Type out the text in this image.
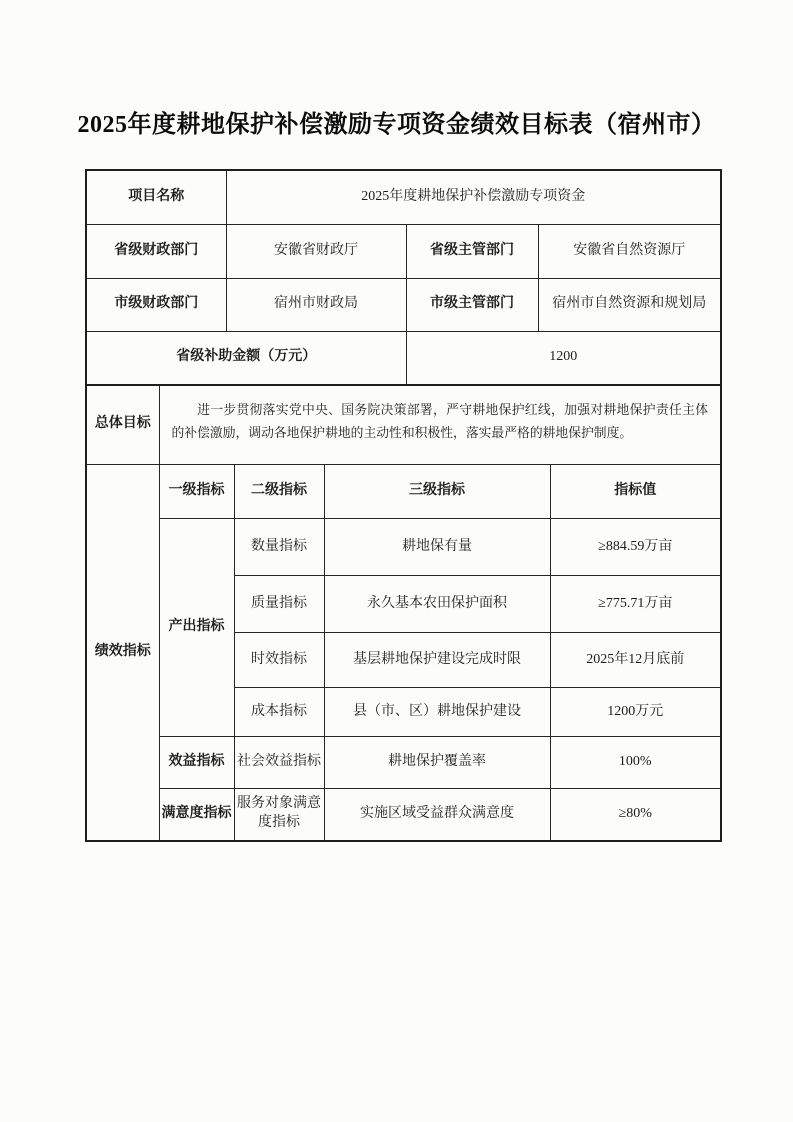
2025年度耕地保护补偿激励专项资金绩效目标表（宿州市）
项目名称	2025年度耕地保护补偿激励专项资金		
省级财政部门	安徽省财政厅	省级主管部门	安徽省自然资源厅
市级财政部门	宿州市财政局	市级主管部门	宿州市自然资源和规划局
省级补助金额（万元）		1200	
总体目标	进一步贯彻落实党中央、国务院决策部署，严守耕地保护红线，加强对耕地保护责任主体的补偿激励，调动各地保护耕地的主动性和积极性，落实最严格的耕地保护制度。			
绩效指标	一级指标	二级指标	三级指标	指标值
	产出指标	数量指标	耕地保有量	≥884.59万亩
		质量指标	永久基本农田保护面积	≥775.71万亩
		时效指标	基层耕地保护建设完成时限	2025年12月底前
		成本指标	县（市、区）耕地保护建设	1200万元
	效益指标	社会效益指标	耕地保护覆盖率	100%
	满意度指标	服务对象满意度指标	实施区域受益群众满意度	≥80%
